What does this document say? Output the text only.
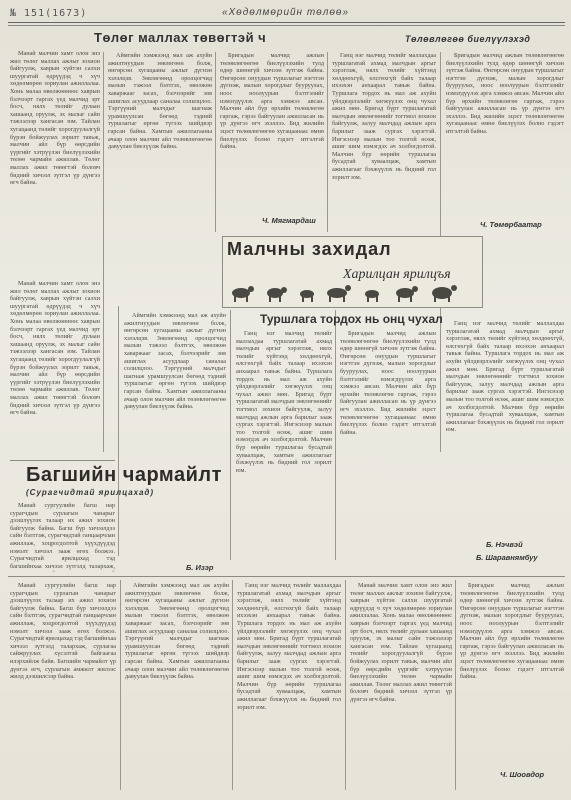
№ 151(1673)	«Хөдөлмөрийн төлөө»
Төлөг маллах төвөгтэй ч	Төлөвлөгөө биелүүлэхэд

Манай малчин хамт олон энэ жил төлөг маллах ажлыг зохион байгуулж, хаврын хүйтэн салхи шуургатай өдрүүдэд ч хүч хөдөлмөрөө зориулан ажиллалаа. Хонь малаа өвөлжөөнөөс хаврын бэлчээрт гаргах үед малчид эрт босч, нялх төлийг дулаан хашаанд оруулж, эх малыг сайн тэжээлээр хангасан юм. Тайлан хугацаанд төлийг хорогдуулалгүй бүрэн бойжуулах зорилт тавьж, малчин айл бүр өөрсдийн үүргийг хэтрүүлэн биелүүлэхийн төлөө чармайн ажиллав. Төлөг маллах ажил төвөгтэй боловч бидний хичээл зүтгэл үр дүнгээ өгч байна.

Аймгийн хэмжээнд мал аж ахуйн ажилтнуудын зөвлөгөөн болж, өнгөрсөн хугацааны ажлыг дүгнэн хэлэлцэв. Зөвлөгөөнд оролцогчид малын тэжээл бэлтгэх, өвөлжөө хаваржааг засах, бэлчээрийг зөв ашиглах асуудлаар саналаа солилцлоо. Тэргүүний малчдыг шагнаж урамшуулсан бөгөөд тэдний туршлагыг өргөн түгээх шийдвэр гарсан байна. Хамтын ажиллагааны ачаар олон малчин айл төлөвлөгөөгөө давуулан биелүүлж байна.

Бригадын малчид ажлын төлөвлөгөөгөө биелүүлэхийн тулд өдөр шөнөгүй хичээн зүтгэж байна. Өнгөрсөн онуудын туршлагыг нэгтгэн дүгнэж, малын хорогдлыг бууруулах, ноос ноолуурын бэлтгэлийг нэмэгдүүлэх арга хэмжээ авсан. Малчин айл бүр өрхийн төлөвлөгөө гаргаж, гэрээ байгуулан ажилласан нь үр дүнгээ өгч эхэллээ. Бид жилийн эцэст төлөвлөгөөгөө хугацаанаас өмнө биелүүлэх болно гэдэгт итгэлтэй байна.

Ганц нэг малчид төлийг маллахдаа туршлагатай ахмад малчдын аргыг хэрэглэж, нялх төлийг хүйтэнд хөлдөөхгүй, өлсгөхгүй байх талаар ихээхэн анхаарал тавьж байна. Туршлага тордох нь мал аж ахуйн үйлдвэрлэлийг хөгжүүлэх онц чухал ажил мөн. Бригад бүрт туршлагатай малчдын зөвлөгөөнийг тогтмол зохион байгуулж, залуу малчдад ажлын арга барилыг зааж сургах хэрэгтэй. Ингэснээр малын тоо толгой өсөж, ашиг шим нэмэгдэх ач холбогдолтой. Малчин бүр өөрийн туршлагаа бусадтай хуваалцаж, хамтын ажиллагааг бэхжүүлэх нь бидний гол зорилт юм.

Бригадын малчид ажлын төлөвлөгөөгөө биелүүлэхийн тулд өдөр шөнөгүй хичээн зүтгэж байна. Өнгөрсөн онуудын туршлагыг нэгтгэн дүгнэж, малын хорогдлыг бууруулах, ноос ноолуурын бэлтгэлийг нэмэгдүүлэх арга хэмжээ авсан. Малчин айл бүр өрхийн төлөвлөгөө гаргаж, гэрээ байгуулан ажилласан нь үр дүнгээ өгч эхэллээ. Бид жилийн эцэст төлөвлөгөөгөө хугацаанаас өмнө биелүүлэх болно гэдэгт итгэлтэй байна.

Ч. Мягмардаш	Ч. Төмөрбаатар
Малчны захидал
Харилцан ярилцъя
Туршлага тордох нь онц чухал

Манай малчин хамт олон энэ жил төлөг маллах ажлыг зохион байгуулж, хаврын хүйтэн салхи шуургатай өдрүүдэд ч хүч хөдөлмөрөө зориулан ажиллалаа. Хонь малаа өвөлжөөнөөс хаврын бэлчээрт гаргах үед малчид эрт босч, нялх төлийг дулаан хашаанд оруулж, эх малыг сайн тэжээлээр хангасан юм. Тайлан хугацаанд төлийг хорогдуулалгүй бүрэн бойжуулах зорилт тавьж, малчин айл бүр өөрсдийн үүргийг хэтрүүлэн биелүүлэхийн төлөө чармайн ажиллав. Төлөг маллах ажил төвөгтэй боловч бидний хичээл зүтгэл үр дүнгээ өгч байна.

Аймгийн хэмжээнд мал аж ахуйн ажилтнуудын зөвлөгөөн болж, өнгөрсөн хугацааны ажлыг дүгнэн хэлэлцэв. Зөвлөгөөнд оролцогчид малын тэжээл бэлтгэх, өвөлжөө хаваржааг засах, бэлчээрийг зөв ашиглах асуудлаар саналаа солилцлоо. Тэргүүний малчдыг шагнаж урамшуулсан бөгөөд тэдний туршлагыг өргөн түгээх шийдвэр гарсан байна. Хамтын ажиллагааны ачаар олон малчин айл төлөвлөгөөгөө давуулан биелүүлж байна.

Ганц нэг малчид төлийг маллахдаа туршлагатай ахмад малчдын аргыг хэрэглэж, нялх төлийг хүйтэнд хөлдөөхгүй, өлсгөхгүй байх талаар ихээхэн анхаарал тавьж байна. Туршлага тордох нь мал аж ахуйн үйлдвэрлэлийг хөгжүүлэх онц чухал ажил мөн. Бригад бүрт туршлагатай малчдын зөвлөгөөнийг тогтмол зохион байгуулж, залуу малчдад ажлын арга барилыг зааж сургах хэрэгтэй. Ингэснээр малын тоо толгой өсөж, ашиг шим нэмэгдэх ач холбогдолтой. Малчин бүр өөрийн туршлагаа бусадтай хуваалцаж, хамтын ажиллагааг бэхжүүлэх нь бидний гол зорилт юм.

Бригадын малчид ажлын төлөвлөгөөгөө биелүүлэхийн тулд өдөр шөнөгүй хичээн зүтгэж байна. Өнгөрсөн онуудын туршлагыг нэгтгэн дүгнэж, малын хорогдлыг бууруулах, ноос ноолуурын бэлтгэлийг нэмэгдүүлэх арга хэмжээ авсан. Малчин айл бүр өрхийн төлөвлөгөө гаргаж, гэрээ байгуулан ажилласан нь үр дүнгээ өгч эхэллээ. Бид жилийн эцэст төлөвлөгөөгөө хугацаанаас өмнө биелүүлэх болно гэдэгт итгэлтэй байна.

Ганц нэг малчид төлийг маллахдаа туршлагатай ахмад малчдын аргыг хэрэглэж, нялх төлийг хүйтэнд хөлдөөхгүй, өлсгөхгүй байх талаар ихээхэн анхаарал тавьж байна. Туршлага тордох нь мал аж ахуйн үйлдвэрлэлийг хөгжүүлэх онц чухал ажил мөн. Бригад бүрт туршлагатай малчдын зөвлөгөөнийг тогтмол зохион байгуулж, залуу малчдад ажлын арга барилыг зааж сургах хэрэгтэй. Ингэснээр малын тоо толгой өсөж, ашиг шим нэмэгдэх ач холбогдолтой. Малчин бүр өөрийн туршлагаа бусадтай хуваалцаж, хамтын ажиллагааг бэхжүүлэх нь бидний гол зорилт юм.

Б. Нэчвэй
Б. Шаравнямбуу
Багшийн чармайлт
(Сурагчидтай ярилцахад)

Манай сургуулийн багш нар сурагчдын сурлагын чанарыг дээшлүүлэх талаар их ажил зохион байгуулж байна. Багш бүр хичээлдээ сайн бэлтгэж, сурагчидтай ганцаарчлан ажиллаж, хоцрогдолтой хүүхдүүдэд нэмэлт хичээл зааж өгөх болжээ. Сурагчидтай ярилцахад тэд багшийнхаа хичээл зүтгэлд талархаж,	Б. Изэр

Манай сургуулийн багш нар сурагчдын сурлагын чанарыг дээшлүүлэх талаар их ажил зохион байгуулж байна. Багш бүр хичээлдээ сайн бэлтгэж, сурагчидтай ганцаарчлан ажиллаж, хоцрогдолтой хүүхдүүдэд нэмэлт хичээл зааж өгөх болжээ. Сурагчидтай ярилцахад тэд багшийнхаа хичээл зүтгэлд талархаж, сурлагаа сайжруулах хүсэлтэй байгаагаа илэрхийлж байв. Багшийн чармайлт үр дүнгээ өгч, сурлагын амжилт жилээс жилд дээшилсээр байна.

Аймгийн хэмжээнд мал аж ахуйн ажилтнуудын зөвлөгөөн болж, өнгөрсөн хугацааны ажлыг дүгнэн хэлэлцэв. Зөвлөгөөнд оролцогчид малын тэжээл бэлтгэх, өвөлжөө хаваржааг засах, бэлчээрийг зөв ашиглах асуудлаар саналаа солилцлоо. Тэргүүний малчдыг шагнаж урамшуулсан бөгөөд тэдний туршлагыг өргөн түгээх шийдвэр гарсан байна. Хамтын ажиллагааны ачаар олон малчин айл төлөвлөгөөгөө давуулан биелүүлж байна.

Ганц нэг малчид төлийг маллахдаа туршлагатай ахмад малчдын аргыг хэрэглэж, нялх төлийг хүйтэнд хөлдөөхгүй, өлсгөхгүй байх талаар ихээхэн анхаарал тавьж байна. Туршлага тордох нь мал аж ахуйн үйлдвэрлэлийг хөгжүүлэх онц чухал ажил мөн. Бригад бүрт туршлагатай малчдын зөвлөгөөнийг тогтмол зохион байгуулж, залуу малчдад ажлын арга барилыг зааж сургах хэрэгтэй. Ингэснээр малын тоо толгой өсөж, ашиг шим нэмэгдэх ач холбогдолтой. Малчин бүр өөрийн туршлагаа бусадтай хуваалцаж, хамтын ажиллагааг бэхжүүлэх нь бидний гол зорилт юм.

Манай малчин хамт олон энэ жил төлөг маллах ажлыг зохион байгуулж, хаврын хүйтэн салхи шуургатай өдрүүдэд ч хүч хөдөлмөрөө зориулан ажиллалаа. Хонь малаа өвөлжөөнөөс хаврын бэлчээрт гаргах үед малчид эрт босч, нялх төлийг дулаан хашаанд оруулж, эх малыг сайн тэжээлээр хангасан юм. Тайлан хугацаанд төлийг хорогдуулалгүй бүрэн бойжуулах зорилт тавьж, малчин айл бүр өөрсдийн үүргийг хэтрүүлэн биелүүлэхийн төлөө чармайн ажиллав. Төлөг маллах ажил төвөгтэй боловч бидний хичээл зүтгэл үр дүнгээ өгч байна.

Бригадын малчид ажлын төлөвлөгөөгөө биелүүлэхийн тулд өдөр шөнөгүй хичээн зүтгэж байна. Өнгөрсөн онуудын туршлагыг нэгтгэн дүгнэж, малын хорогдлыг бууруулах, ноос ноолуурын бэлтгэлийг нэмэгдүүлэх арга хэмжээ авсан. Малчин айл бүр өрхийн төлөвлөгөө гаргаж, гэрээ байгуулан ажилласан нь үр дүнгээ өгч эхэллээ. Бид жилийн эцэст төлөвлөгөөгөө хугацаанаас өмнө биелүүлэх болно гэдэгт итгэлтэй байна.

Ч. Шоовдор
